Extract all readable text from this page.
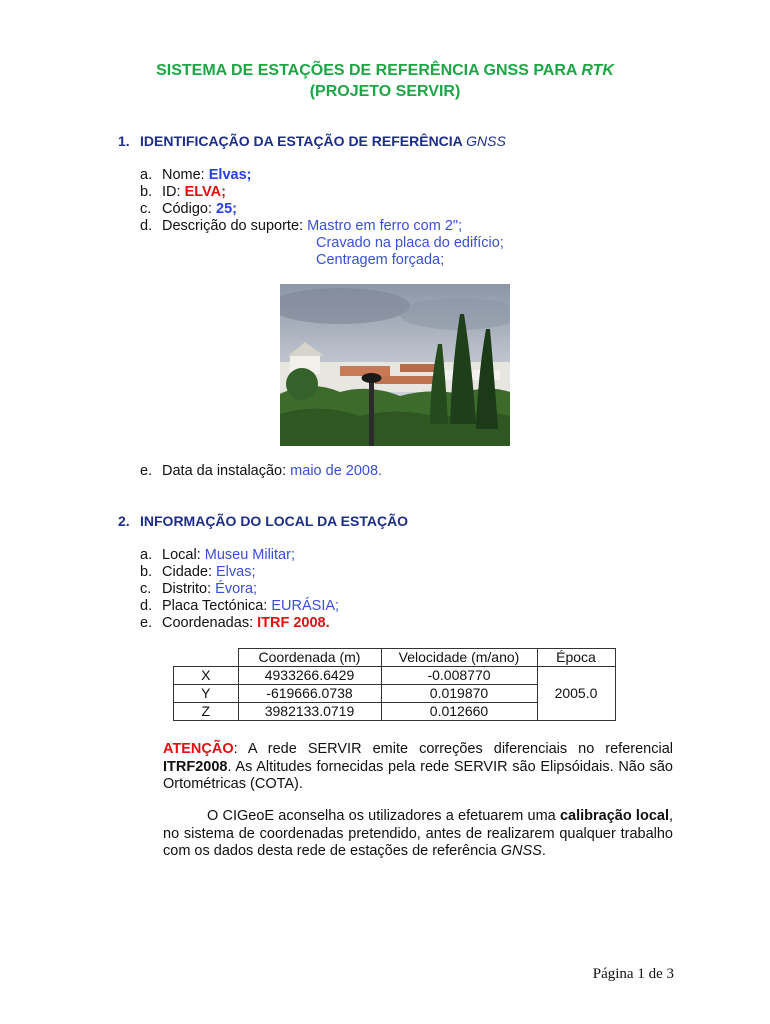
SISTEMA DE ESTAÇÕES DE REFERÊNCIA GNSS PARA RTK
(PROJETO SERVIR)
1. IDENTIFICAÇÃO DA ESTAÇÃO DE REFERÊNCIA GNSS
a. Nome: Elvas;
b. ID: ELVA;
c. Código: 25;
d. Descrição do suporte: Mastro em ferro com 2";
Cravado na placa do edifício;
Centragem forçada;
e. Data da instalação: maio de 2008.
2. INFORMAÇÃO DO LOCAL DA ESTAÇÃO
a. Local: Museu Militar;
b. Cidade: Elvas;
c. Distrito: Évora;
d. Placa Tectónica: EURÁSIA;
e. Coordenadas: ITRF 2008.
	Coordenada (m)	Velocidade (m/ano)	Época
X	4933266.6429	-0.008770	2005.0
Y	-619666.0738	0.019870	
Z	3982133.0719	0.012660	
ATENÇÃO: A rede SERVIR emite correções diferenciais no referencial ITRF2008. As Altitudes fornecidas pela rede SERVIR são Elipsóidais. Não são Ortométricas (COTA).
O CIGeoE aconselha os utilizadores a efetuarem uma calibração local, no sistema de coordenadas pretendido, antes de realizarem qualquer trabalho com os dados desta rede de estações de referência GNSS.
Página 1 de 3
